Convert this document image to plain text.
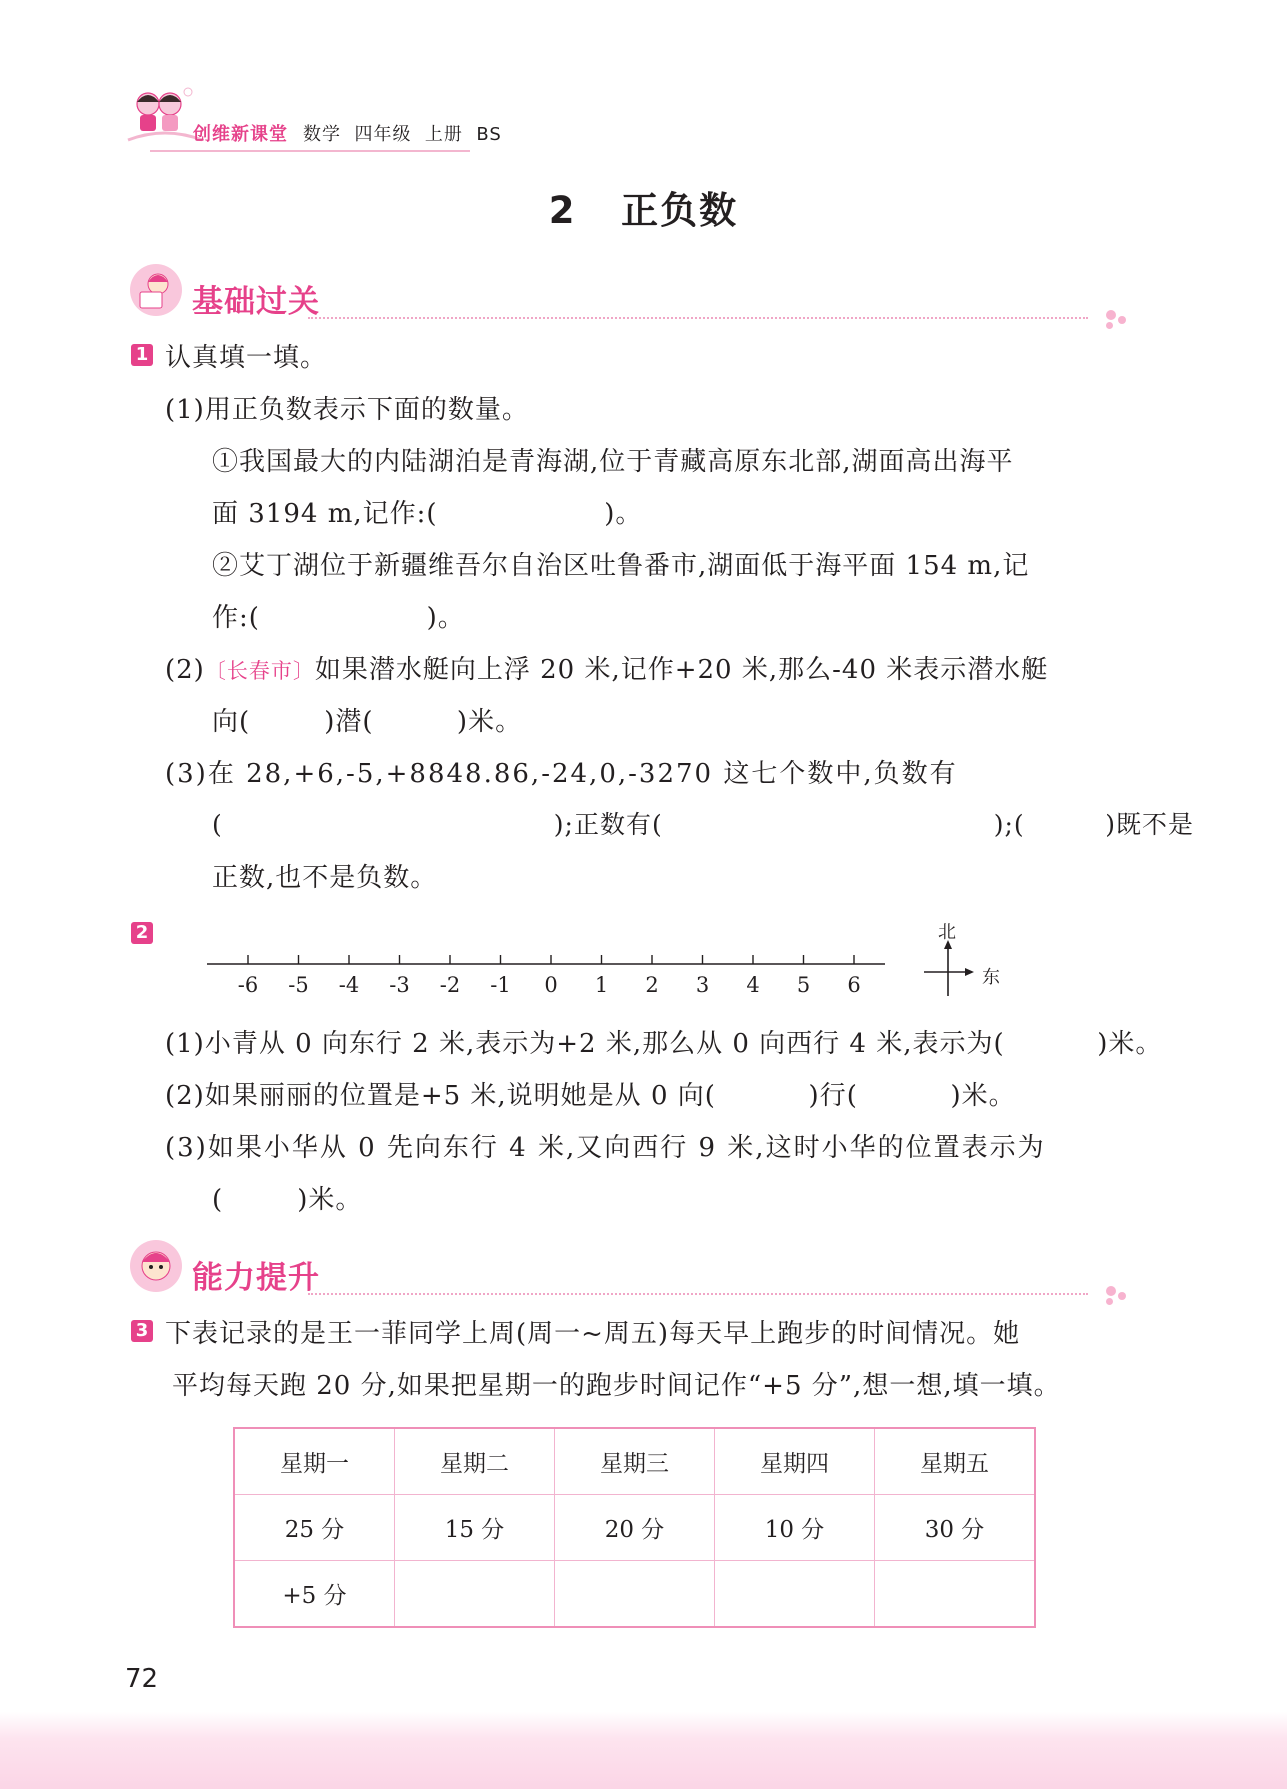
创维新课堂 数学  四年级  上册  BS
2   正负数
基础过关
1 认真填一填。
(1)用正负数表示下面的数量。
①我国最大的内陆湖泊是青海湖,位于青藏高原东北部,湖面高出海平
面 3194 m,记作:(                  )。
②艾丁湖位于新疆维吾尔自治区吐鲁番市,湖面低于海平面 154 m,记
作:(                  )。
(2)〔长春市〕如果潜水艇向上浮 20 米,记作+20 米,那么-40 米表示潜水艇
向(        )潜(         )米。
(3)在 28,+6,-5,+8848.86,-24,0,-3270 这七个数中,负数有
(                                     );正数有(                                     );(         )既不是
正数,也不是负数。
2
-6	-5	-4	-3	-2	-1	0	1	2	3	4	5	6
北
东
(1)小青从 0 向东行 2 米,表示为+2 米,那么从 0 向西行 4 米,表示为(          )米。
(2)如果丽丽的位置是+5 米,说明她是从 0 向(          )行(          )米。
(3)如果小华从 0 先向东行 4 米,又向西行 9 米,这时小华的位置表示为
(        )米。
能力提升
3 下表记录的是王一菲同学上周(周一~周五)每天早上跑步的时间情况。她
平均每天跑 20 分,如果把星期一的跑步时间记作“+5 分”,想一想,填一填。
星期一	星期二	星期三	星期四	星期五
25 分	15 分	20 分	10 分	30 分
+5 分				
72
